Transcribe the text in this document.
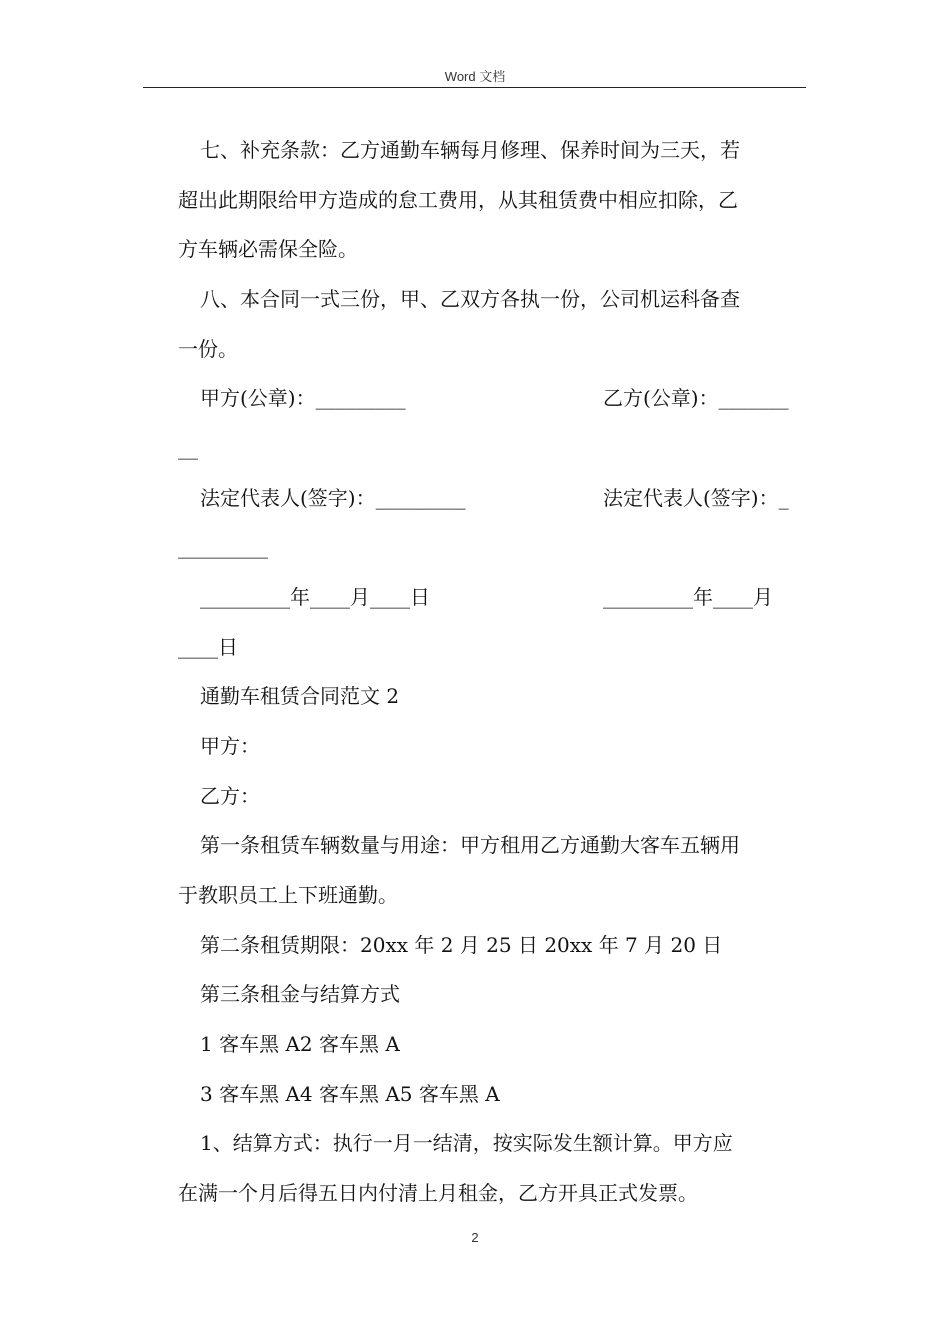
Word 文档
七、补充条款：乙方通勤车辆每月修理、保养时间为三天，若
超出此期限给甲方造成的怠工费用，从其租赁费中相应扣除，乙
方车辆必需保全险。
八、本合同一式三份，甲、乙双方各执一份，公司机运科备查
一份。
甲方(公章)：_________	乙方(公章)：_______
__
法定代表人(签字)：_________	法定代表人(签字)：_
_________
_________年____月____日	_________年____月
____日
通勤车租赁合同范文 2
甲方：
乙方：
第一条租赁车辆数量与用途：甲方租用乙方通勤大客车五辆用
于教职员工上下班通勤。
第二条租赁期限：20xx 年 2 月 25 日 20xx 年 7 月 20 日
第三条租金与结算方式
1 客车黑 A2 客车黑 A
3 客车黑 A4 客车黑 A5 客车黑 A
1、结算方式：执行一月一结清，按实际发生额计算。甲方应
在满一个月后得五日内付清上月租金，乙方开具正式发票。
2
